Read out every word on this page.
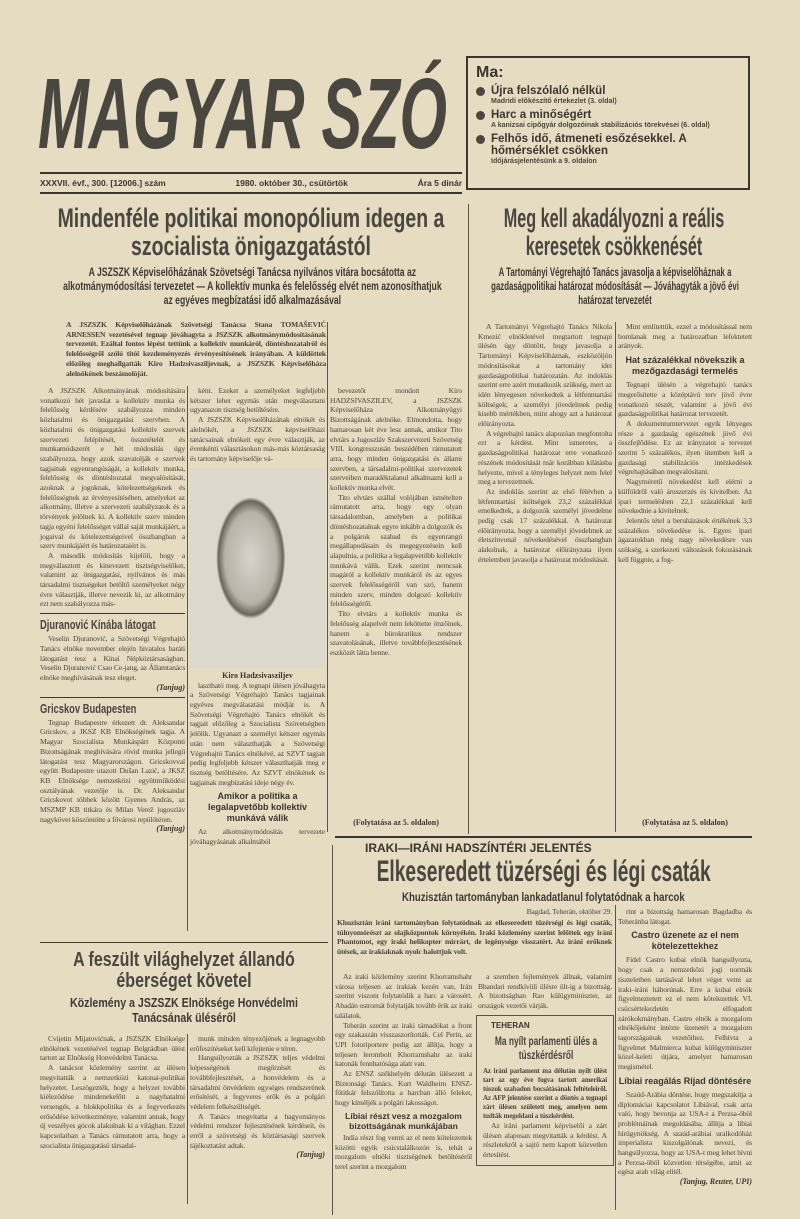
MAGYAR SZÓ
XXXVII. évf., 300. [12006.] szám	1980. október 30., csütörtök	Ára 5 dinár
Ma:
Újra felszólaló nélkül
Madridi előkészítő értekezlet (3. oldal)
Harc a minőségért
A kanizsai cipőgyár dolgozóinak stabilizációs törekvései (6. oldal)
Felhős idő, átmeneti esőzésekkel. A hőmérséklet csökken
Időjárásjelentésünk a 9. oldalon
Mindenféle politikai monopólium idegen a szocialista önigazgatástól
A JSZSZK Képviselőházának Szövetségi Tanácsa nyilvános vitára bocsátotta az alkotmánymódosítási tervezetet — A kollektív munka és felelősség elvét nem azonosíthatjuk az egyéves megbízatási idő alkalmazásával
A JSZSZK Képviselőházának Szövetségi Tanácsa Stana TOMAŠEVIĆ ARNESSEN vezetésével tegnap jóváhagyta a JSZSZK alkotmánymódosításának tervezetét. Ezáltal fontos lépést tettünk a kollektív munkáról, döntéshozatalról és felelősségről szóló titói kezdeményezés érvényesítésének irányában. A küldöttek előzőleg meghallgatták Kiro Hadzsivasziljevnak, a JSZSZK Képviselőháza alelnökének beszámolóját.

A JSZSZK Alkotmányának módosítására vonatkozó hét javaslat a kollektív munka és felelősség kérdésére szabályozza minden közhatalmi és önigazgatási szervben. A közhatalmi és önigazgatási kollektív szervek szervezeti felépítését, összetételét és munkamódszerét e hét módosítás úgy szabályozza, hogy azok szavatolják e szervek tagjainak egyenrangúságát, a kollektív munka, felelősség és döntéshozatal megvalósítását, azoknak a jogoknak, kötelezettségeknek és felelősségnek az érvényesítésében, amelyeket az alkotmány, illetve a szervezeti szabályzatok és a törvények jelölnek ki. A kollektív szerv minden tagja egyéni felelősséget vállal saját munkájáért, a jogaival és kötelezettségeivel összhangban a szerv munkájáért és határozataiért is.

A második módosítás kijelöli, hogy a megválasztott és kinevezett tisztségviselőket, valamint az önigazgatási, nyilvános és más társadalmi tisztségeket betöltő személyeket négy évre választják, illetve nevezik ki, az alkotmány ezt nem szabályozza más-

Djuranović Kínába látogat

Veselin Djuranović, a Szövetségi Végrehajtó Tanács elnöke november elején hivatalos baráti látogatást tesz a Kínai Népköztársaságban. Veselin Djuranović Csao Ce-jang, az Államtanács elnöke meghívásának tesz eleget.

(Tanjug)
Gricskov Budapesten

Tegnap Budapestre érkezett dr. Aleksandar Gricskov, a JKSZ KB Elnökségének tagja. A Magyar Szocialista Munkáspárt Központi Bizottságának meghívására rövid munka jellegű látogatást tesz Magyarországon. Gricskovval együtt Budapestre utazott Dušan Lazić, a JKSZ KB Elnöksége nemzetközi együttműködési osztályának vezetője is. Dr. Aleksandar Gricskovot többek között Gyenes András, az MSZMP KB titkára és Milan Verež jugoszláv nagykövet köszöntötte a fővárosi repülőtéren.

(Tanjug)

ként. Ezeket a személyeket legfeljebb kétszer lehet egymás után megválasztani ugyanazon tisztség betöltésére.

A JSZSZK Képviselőházának elnökét és alelnökét, a JSZSZK képviselőházi tanácsainak elnökeit egy évre választják, az évenkénti választásokon más-más köztársaság és tartomány képviselője vá-

Kiro Hadzsivasziljev

lasztható meg. A tegnapi ülésen jóváhagyta a Szövetségi Végrehajtó Tanács tagjainak egyéves megválasztási módját is. A Szövetségi Végrehajtó Tanács elnökét és tagjait előzőleg a Szocialista Szövetségben jelölik. Ugyanazt a személyt kétszer egymás után nem választhatják a Szövetségi Végrehajtó Tanács elnökévé, az SZVT tagjait pedig legfeljebb kétszer választhatják meg e tisztség betöltésére. Az SZVT elnökének és tagjainak megbízatási ideje négy év.

Amikor a politika a legalapvetőbb kollektív munkává válik

Az alkotmánymódosítás tervezete jóváhagyásának alkalmából

bevezetőt mondott Kiro HADZSIVASZILEV, a JSZSZK Képviselőháza Alkotmányügyi Bizottságának alelnöke. Elmondotta, hogy hamarosan két éve lesz annak, amikor Tito elvtárs a Jugoszláv Szakszervezeti Szövetség VIII. kongresszusán beszédében rámutatott arra, hogy minden önigazgatási és állami szervben, a társadalmi-politikai szervezetek szerveiben maradéktalanul alkalmazni kell a kollektív munka elvét.

Tito elvtárs szállal volójában ismételten rámutatott arra, hogy egy olyan társadalomban, amelyben a politikai döntéshozatalnak egyre inkább a dolgozók és a polgárok szabad és egyenrangú megállapodásain és megegyezésein kell alapulnia, a politika a legalapvetőbb kollektív munkává válik. Ezek szerint nemcsak magáról a kollektív munkáról és az egyes szervek felelősségéről van szó, hanem minden szerv, minden dolgozó kollektív felelősségéről.

Tito elvtárs a kollektív munka és felelősség alapelvét nem leköttette önzőinek, hanem a bürokratikus rendszer szavatolásának, illetve továbbfejlesztésének eszközét látta benne.

(Folytatása az 5. oldalon)
Meg kell akadályozni a reális keresetek csökkenését
A Tartományi Végrehajtó Tanács javasolja a képviselőháznak a gazdaságpolitikai határozat módosítását — Jóváhagyták a jövő évi határozat tervezetét

A Tartományi Végrehajtó Tanács Nikola Kmezić elnökletével megtartott tegnapi ülésén úgy döntött, hogy javasolja a Tartományi Képviselőháznak, eszközöljön módosításokat a tartomány idei gazdaságpolitikai határozatán. Az indoklás szerint erre azért mutatkozik szükség, mert az idén lényegesen növekedtek a létfenntartási költségek; a személyi jövedelmek pedig kisebb mértékben, mint ahogy azt a határozat előirányozta.

A végrehajtó tanács alapozóan megfontolta ezt a kérdést. Mint ismeretes, a gazdaságpolitikai határozat erre vonatkozó részének módosítását már korábban kilátásba helyezte, mivel a tényleges helyzet nem felel meg a tervezettnek.

Az indoklás szerint az első félévben a létfenntartási költségek 23,2 százalékkal emelkedtek, a dolgozók személyi jövedelme pedig csak 17 százalékkal. A határozat előirányozta, hogy a személyi jövedelmek az életszínvonal növekedésével összhangban alakulnak, a határozat előirányzata ilyen értelemben javasolja a határozat módosítását.

Mint említettük, ezzel a módosítással nem bomlanak meg a határozatban lefektetett arányok.

Hat százalékkal növekszik a mezőgazdasági termelés

Tegnapi ülésén a végrehajtó tanács megerősítette a középtávú terv jövő évre vonatkozó részét, valamint a jövő évi gazdaságpolitikai határozat tervezetét.

A dokumentumtervezet egyik lényeges része a gazdaság egészének jövő évi összfejlődése. Ez az irányzatot a tervezet szerint 5 százalékos, ilyen ütemben kell a gazdasági stabilizációs intézkedések végrehajtásában megvalósítani.

Nagyméretű növekedést kell elérni a külföldről való áruszerzés és kivitelben. Az ipari termelésben 22,1 százalékkal kell növekednie a kivitelnek.

Jelentős tétel a beruházások értékének 3,3 százalékos növekedése is. Egyes ipari ágazatokban még nagy növekedésre van szükség, a szerkezeti változások fokozásának kell függnie, a fog-

(Folytatása az 5. oldalon)
IRAKI—IRÁNI HADSZÍNTÉRI JELENTÉS
Elkeseredett tüzérségi és légi csaták
Khuzisztán tartományban lankadatlanul folytatódnak a harcok
Bagdad, Teherán, október 29.
Khuzisztán iráni tartományban folytatódnak az elkeseredett tüzérségi és légi csaták, túlnyomórészt az olajközpontok környékén. Iraki közlemény szerint lelőttek egy iráni Phantomot, egy iraki helikopter mirrárt, de legénysége visszatért. Az iráni erőknek ütések, az irakiaknak nyolc halottjuk volt.

Az iraki közlemény szerint Khorramshahr városa teljesen az irakiak kezén van, Irán szerint viszont folytatódik a harc a városért. Abadán ostromát folytatják tovább érik az iraki találatok.

Teherán szerint az iraki támadókat a front egy szakaszán visszaszorították. Cel Perin, az UPI fotoriportere pedig azt állítja, hogy a teljesen lerombolt Khorramshahr az iraki katonák fennhatósága alatt van.

Az ENSZ székhelyén délután ülésezett a Biztonsági Tanács. Kurt Waldheim ENSZ-főtitkár felszólította a harcban álló feleket, hogy kíméljék a polgári lakosságot.

Líbiai részt vesz a mozgalom bizottságának munkájában

India részt fog venni az el nem kötelezettek közötti egyik csúcstalálkozón is, tehát a mozgalom elnöki tisztségének betöltéséről terel szerint a mozgalom

a szemben fejlemények állnak, valamint Bhandari rendkívüli ülésre ült-ig a bizottság. A bizottságban Rao külügyminiszter, az országok vezetői várják.

TEHERAN
Ma nyílt parlamenti ülés a túszkérdésről
Az iráni parlament ma délután nyílt ülést tart az egy éve fogva tartott amerikai túszok szabadon bocsátásának feltételeiről. Az AFP jelentése szerint a döntés a tegnapi zárt ülésen született meg, amelyen nem tudták megoldani a túszkérdést.

Az iráni parlament képviselői a zárt ülésen alaposan megvitatták a kérdést. A részletekről a sajtó nem kapott közvetlen értesítést.

rint a bizottság hamarosan Bagdadba és Teheránba látogat.

Castro üzenete az el nem kötelezettekhez

Fidel Castro kubai elnök hangsúlyozta, hogy csak a nemzetközi jogi normák tiszteletben tartásával lehet véget vetni az iraki–iráni háborúnak. Erre a kubai elnök figyelmeztetett ez el nem kötelezettek VI. csúcsértekezletén elfogadott zárókokmányban. Castro elnök a mozgalom elnökőjeként intézte üzenetét a mozgalom tagországainak vezetőihez. Felhívta a figyelmet Malmierca kubai külügyminiszter közel-keleti útjára, amelyet hamarosan megismétel.

Líbiai reagálás Rijad döntésére

Szaúd-Arábia döntése, hogy megszakítja a diplomáciai kapcsolatot Líbiával, csak arra való, hogy bevonja az USA-t a Perzsa-öböl problémáinak megoldásába, állítja a líbiai hírügynökség. A szaúd-arábiai uralkodóház imperialista kiszolgálónak nevezi, és hangsúlyozza, hogy az USA-t meg lehet hívni a Perzsa-öböl közvetlen térségébe, amit az egész arab világ elítél.

(Tanjug, Reuter, UPI)
A feszült világhelyzet állandó éberséget követel
Közlemény a JSZSZK Elnöksége Honvédelmi Tanácsának üléséről

Cvijetin Mijatovićnak, a JSZSZK Elnöksége elnökének vezetésével tegnap Belgrádban ülést tartott az Elnökség Honvédelmi Tanácsa.

A tanácsot közlemény szerint az ülésen megvitatták a nemzetközi katonai-politikai helyzetet. Leszögezték, hogy a helyzet további kiéleződése mindenekelőtt a nagyhatalmi versengés, a blokkpolitika és a fegyverkezés erősödése következménye, valamint annak, hogy új veszélyes gócok alakulnak ki a világban. Ezzel kapcsolatban a Tanács rámutatott arra, hogy a szocialista önigazgatású társadal-

munk minden tényezőjének a legnagyobb erőfeszítéseket kell kifejtenie e téren.

Hangsúlyozták a JSZSZK teljes védelmi képességének megőrzését és továbbfejlesztését, a honvédelem és a társadalmi önvédelem egységes rendszerének erősítését, a fegyveres erők és a polgári védelem felkészültségét.

A Tanács megvitatta a hagyományos védelmi rendszer fejlesztésének kérdéseit, és erről a szövetségi és köztársasági szervek tájékoztatást adtak.

(Tanjug)
